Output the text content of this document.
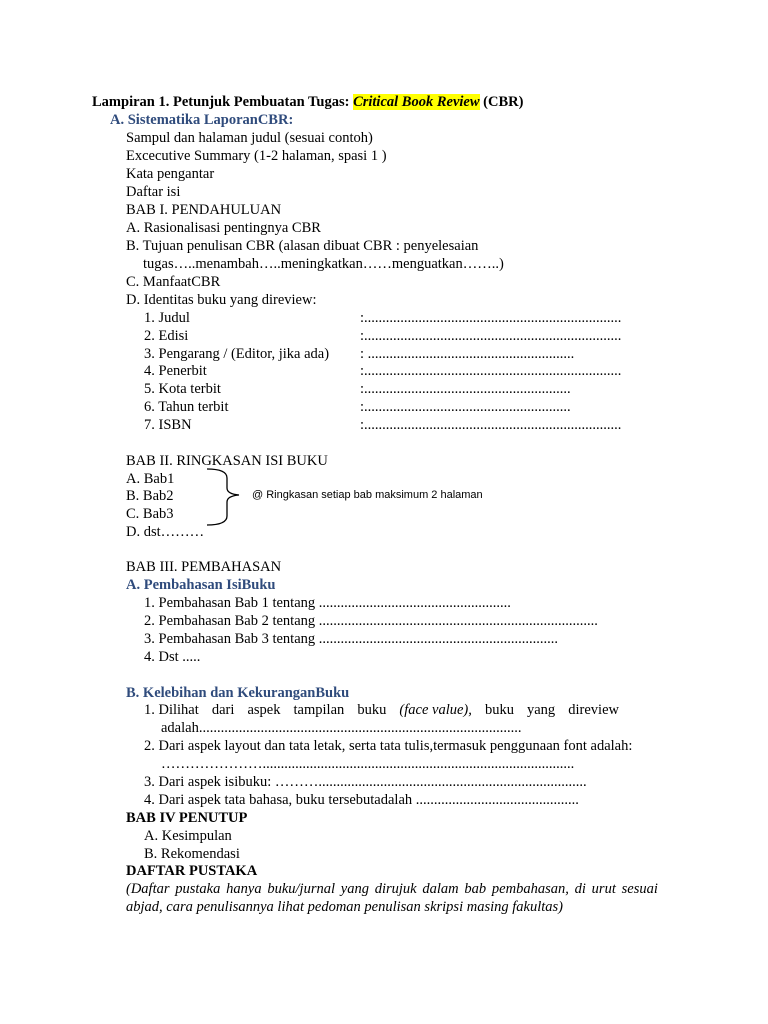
Lampiran 1. Petunjuk Pembuatan Tugas: Critical Book Review (CBR)
A. Sistematika LaporanCBR:
Sampul dan halaman judul (sesuai contoh)
Excecutive Summary (1-2 halaman, spasi 1 )
Kata pengantar
Daftar isi
BAB I. PENDAHULUAN
A. Rasionalisasi pentingnya CBR
B. Tujuan penulisan CBR (alasan dibuat CBR : penyelesaian
tugas…..menambah…..meningkatkan……menguatkan……..)
C. ManfaatCBR
D. Identitas buku yang direview:
1. Judul	:.......................................................................
2. Edisi	:.......................................................................
3. Pengarang / (Editor, jika ada) : .........................................................
4. Penerbit	:.......................................................................
5. Kota terbit	:.........................................................
6. Tahun terbit	:.........................................................
7. ISBN	:.......................................................................
BAB II. RINGKASAN ISI BUKU
A. Bab1
B. Bab2
C. Bab3
D. dst………
@ Ringkasan setiap bab maksimum 2 halaman
BAB III. PEMBAHASAN
A. Pembahasan IsiBuku
1. Pembahasan Bab 1 tentang .....................................................
2. Pembahasan Bab 2 tentang .............................................................................
3. Pembahasan Bab 3 tentang ..................................................................
4. Dst .....
B. Kelebihan dan KekuranganBuku
1. Dilihat dari aspek tampilan buku (face value), buku yang direview
adalah.........................................................................................
2. Dari aspek layout dan tata letak, serta tata tulis,termasuk penggunaan font adalah:
…………………......................................................................................
3. Dari aspek isibuku: ………..........................................................................
4. Dari aspek tata bahasa, buku tersebutadalah .............................................
BAB IV PENUTUP
A. Kesimpulan
B. Rekomendasi
DAFTAR PUSTAKA
(Daftar pustaka hanya buku/jurnal yang dirujuk dalam bab pembahasan, di urut sesuai
abjad, cara penulisannya lihat pedoman penulisan skripsi masing fakultas)
